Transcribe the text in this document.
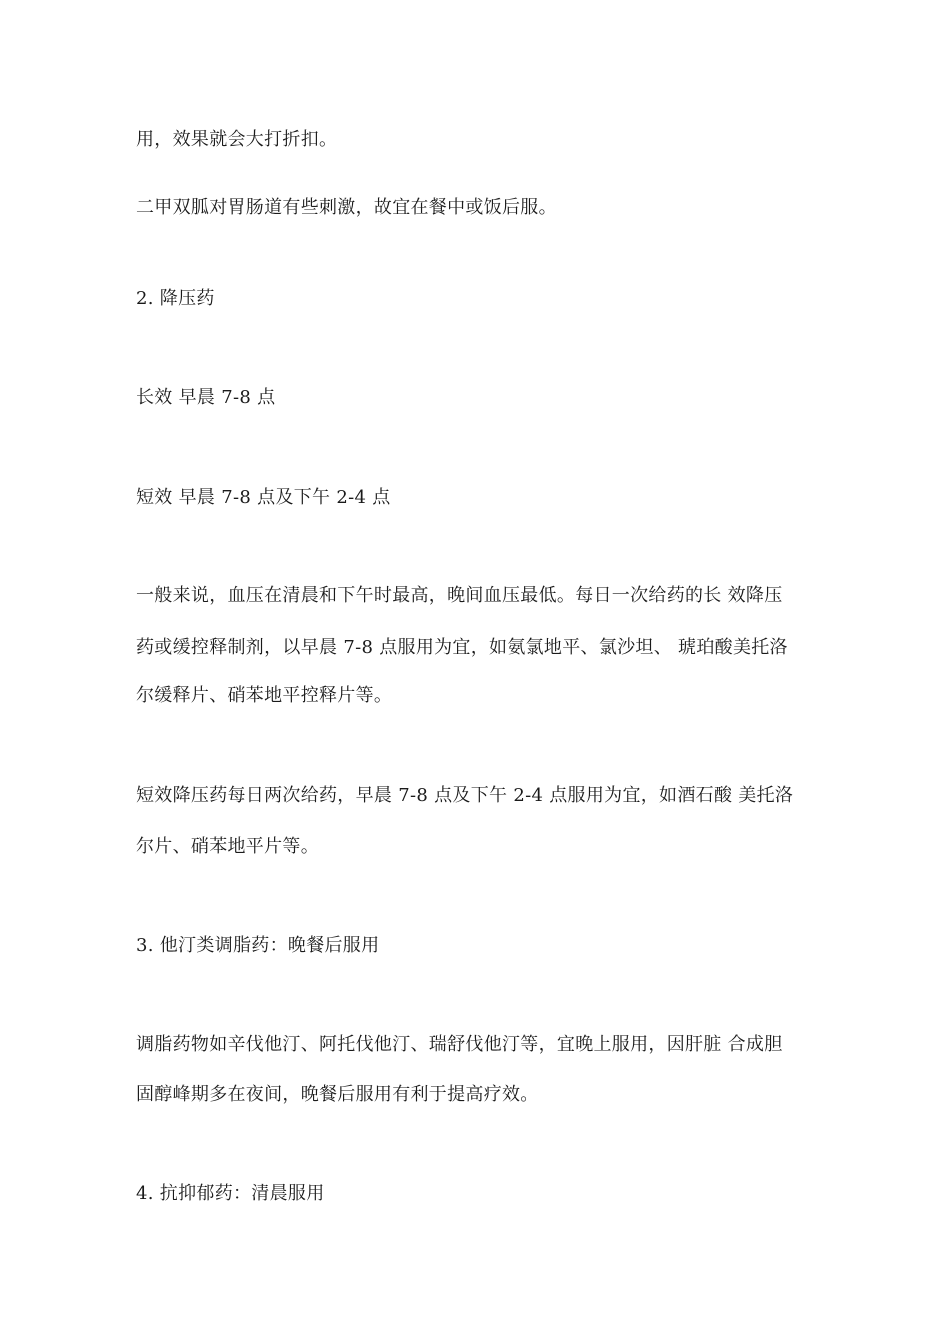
用，效果就会大打折扣。
二甲双胍对胃肠道有些刺激，故宜在餐中或饭后服。
2. 降压药
长效 早晨 7-8 点
短效 早晨 7-8 点及下午 2-4 点
一般来说，血压在清晨和下午时最高，晚间血压最低。每日一次给药的长 效降压
药或缓控释制剂，以早晨 7-8 点服用为宜，如氨氯地平、氯沙坦、 琥珀酸美托洛
尔缓释片、硝苯地平控释片等。
短效降压药每日两次给药，早晨 7-8 点及下午 2-4 点服用为宜，如酒石酸 美托洛
尔片、硝苯地平片等。
3. 他汀类调脂药：晚餐后服用
调脂药物如辛伐他汀、阿托伐他汀、瑞舒伐他汀等，宜晚上服用，因肝脏 合成胆
固醇峰期多在夜间，晚餐后服用有利于提高疗效。
4. 抗抑郁药：清晨服用
